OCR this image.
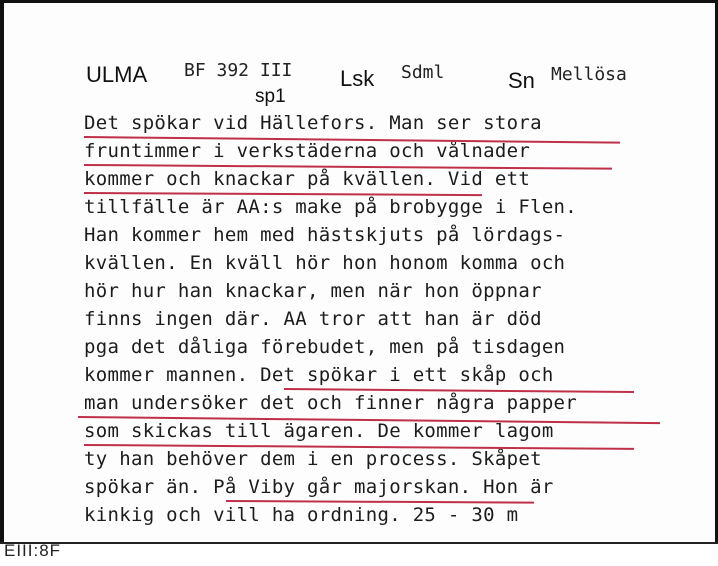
ULMA BF 392 III
sp1
Lsk Sdml	Sn Mellösa
Det spökar vid Hällefors. Man ser stora
fruntimmer i verkstäderna och vålnader
kommer och knackar på kvällen. Vid ett
tillfälle är AA:s make på brobygge i Flen.
Han kommer hem med hästskjuts på lördags-
kvällen. En kväll hör hon honom komma och
hör hur han knackar, men när hon öppnar
finns ingen där. AA tror att han är död
pga det dåliga förebudet, men på tisdagen
kommer mannen. Det spökar i ett skåp och
man undersöker det och finner några papper
som skickas till ägaren. De kommer lagom
ty han behöver dem i en process. Skåpet
spökar än. På Viby går majorskan. Hon är
kinkig och vill ha ordning. 25 - 30 m
EIII:8F
